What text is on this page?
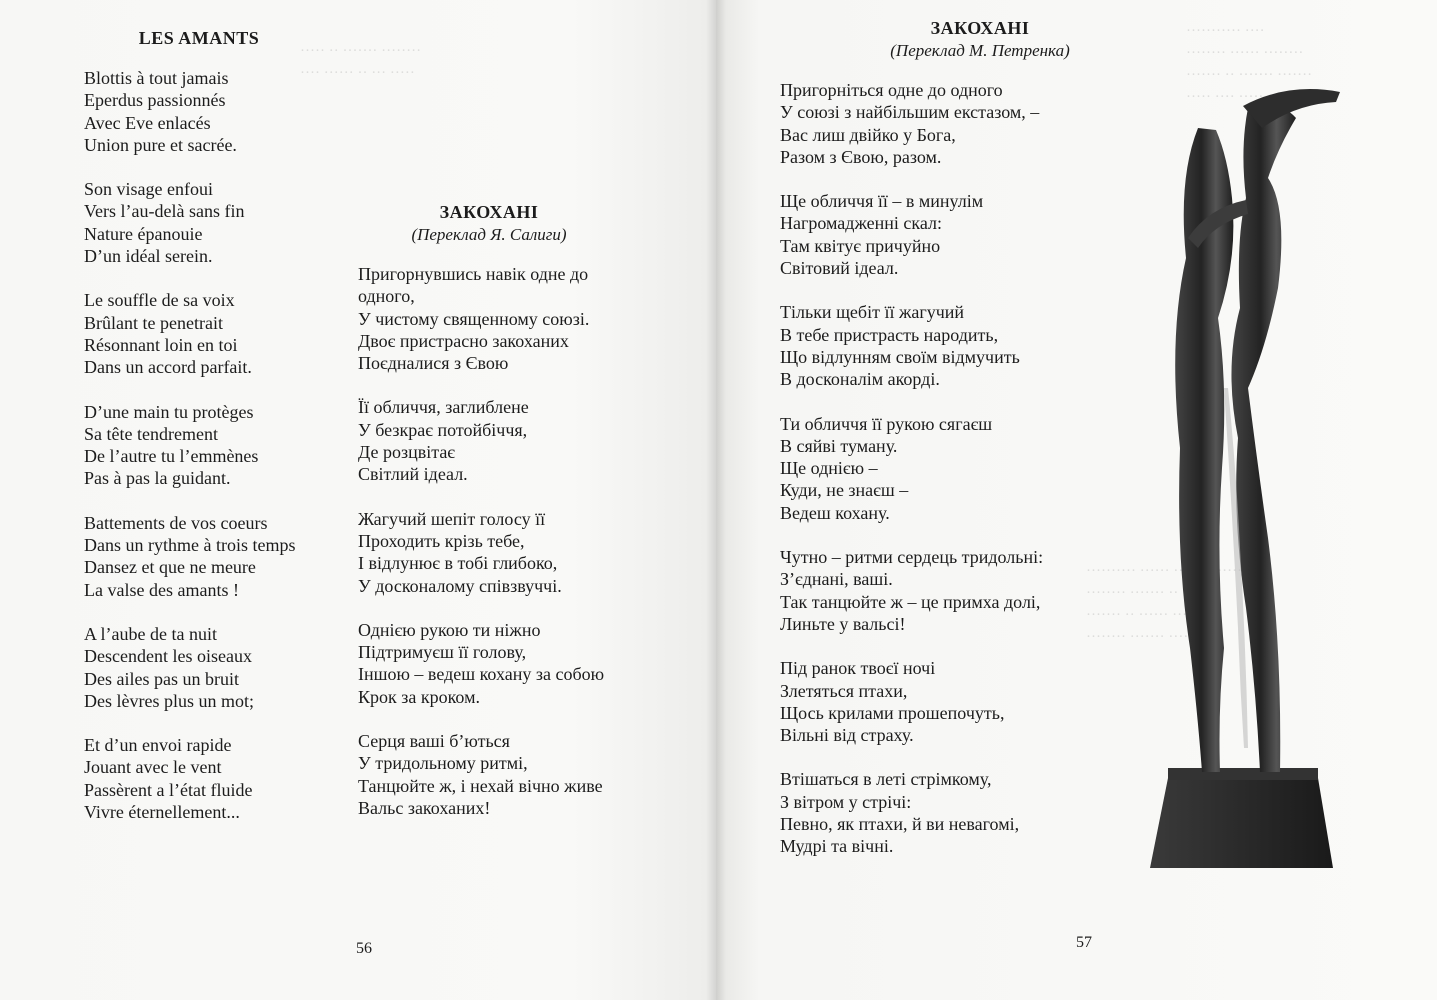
····· ·· ······· ········
···· ······ ·· ··· ·····

LES AMANTS

Blottis à tout jamais
Eperdus passionnés
Avec Eve enlacés
Union pure et sacrée.
Son visage enfoui
Vers l’au-delà sans fin
Nature épanouie
D’un idéal serein.
Le souffle de sa voix
Brûlant te penetrait
Résonnant loin en toi
Dans un accord parfait.
D’une main tu protèges
Sa tête tendrement
De l’autre tu l’emmènes
Pas à pas la guidant.
Battements de vos coeurs
Dans un rythme à trois temps
Dansez et que ne meure
La valse des amants !
A l’aube de ta nuit
Descendent les oiseaux
Des ailes pas un bruit
Des lèvres plus un mot;
Et d’un envoi rapide
Jouant avec le vent
Passèrent a l’état fluide
Vivre éternellement...

ЗАКОХАНІ

(Переклад Я. Салиги)

Пригорнувшись навік одне до
одного,
У чистому священному союзі.
Двоє пристрасно закоханих
Поєдналися з Євою
Її обличчя, заглиблене
У безкрає потойбіччя,
Де розцвітає
Світлий ідеал.
Жагучий шепіт голосу її
Проходить крізь тебе,
І відлунює в тобі глибоко,
У досконалому співзвуччі.
Однією рукою ти ніжно
Підтримуєш її голову,
Іншою – ведеш кохану за собою
Крок за кроком.
Серця ваші б’ються
У тридольному ритмі,
Танцюйте ж, і нехай вічно живе
Вальс закоханих!
56
··········· ····
········ ······ ········
······· ·· ······· ·······
····· ···· ····· ·····
·········· ······ ········ ·····
········ ······· ·· ········
······· ·· ······ ········
········ ······· ·······

ЗАКОХАНІ

(Переклад М. Петренка)

Пригорніться одне до одного
У союзі з найбільшим екстазом, –
Вас лиш двійко у Бога,
Разом з Євою, разом.
Ще обличчя її – в минулім
Нагромадженні скал:
Там квітує причуйно
Світовий ідеал.
Тільки щебіт її жагучий
В тебе пристрасть народить,
Що відлунням своїм відмучить
В досконалім акорді.
Ти обличчя її рукою сягаєш
В сяйві туману.
Ще однією –
Куди, не знаєш –
Ведеш кохану.
Чутно – ритми сердець тридольні:
З’єднані, ваші.
Так танцюйте ж – це примха долі,
Линьте у вальсі!
Під ранок твоєї ночі
Злетяться птахи,
Щось крилами прошепочуть,
Вільні від страху.
Втішаться в леті стрімкому,
З вітром у стрічі:
Певно, як птахи, й ви невагомі,
Мудрі та вічні.
57
